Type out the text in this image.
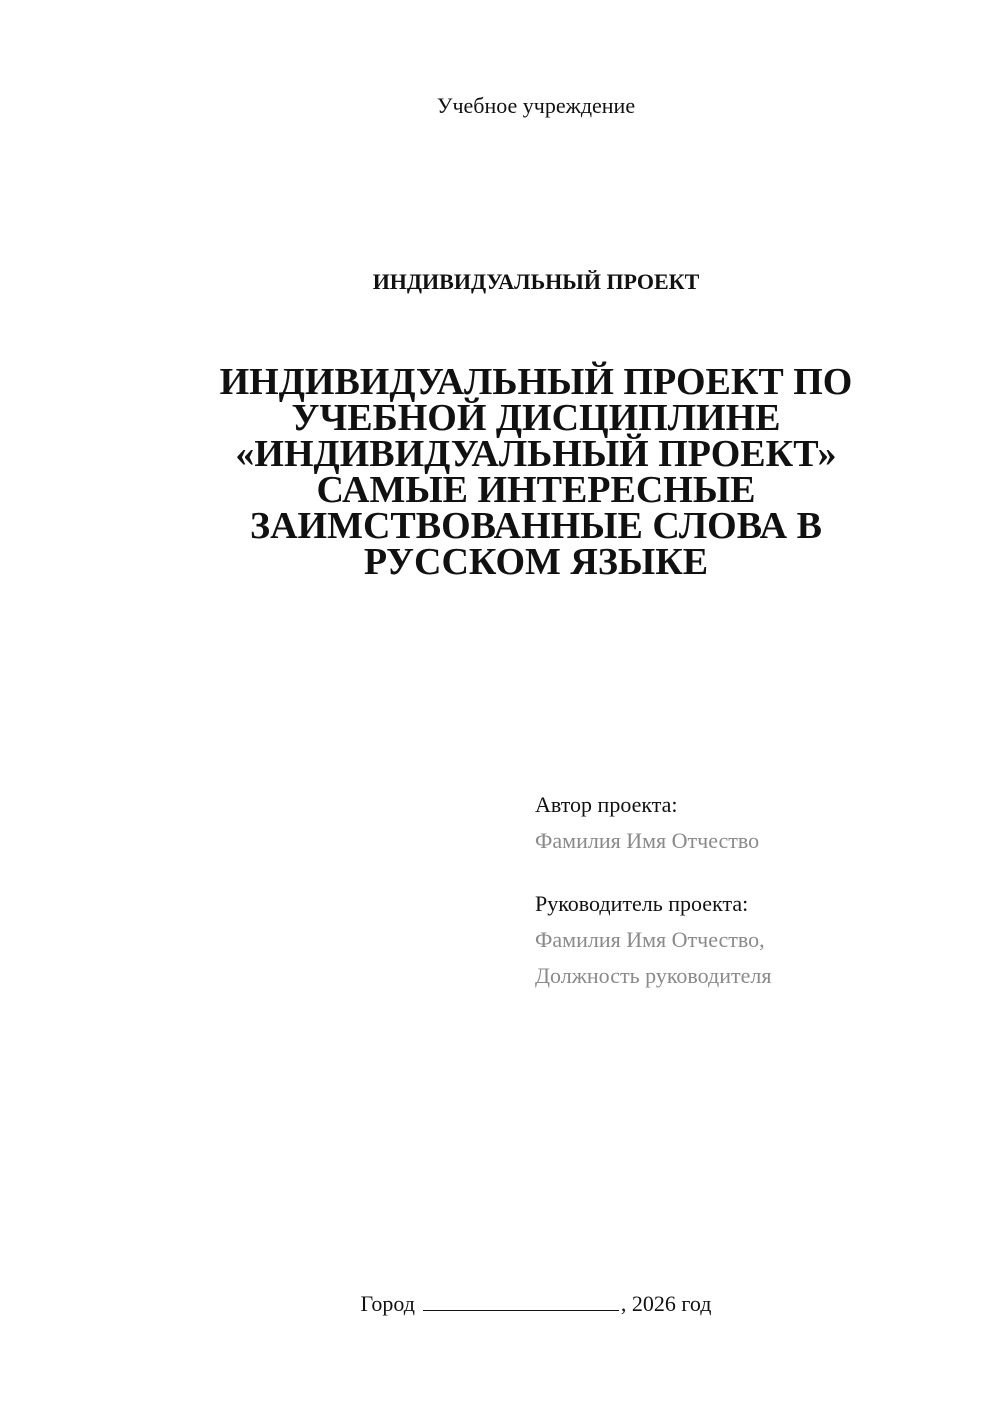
Учебное учреждение
ИНДИВИДУАЛЬНЫЙ ПРОЕКТ
ИНДИВИДУАЛЬНЫЙ ПРОЕКТ ПО
УЧЕБНОЙ ДИСЦИПЛИНЕ
«ИНДИВИДУАЛЬНЫЙ ПРОЕКТ»
САМЫЕ ИНТЕРЕСНЫЕ
ЗАИМСТВОВАННЫЕ СЛОВА В
РУССКОМ ЯЗЫКЕ
Автор проекта:
Фамилия Имя Отчество
Руководитель проекта:
Фамилия Имя Отчество,
Должность руководителя
Город	, 2026 год
